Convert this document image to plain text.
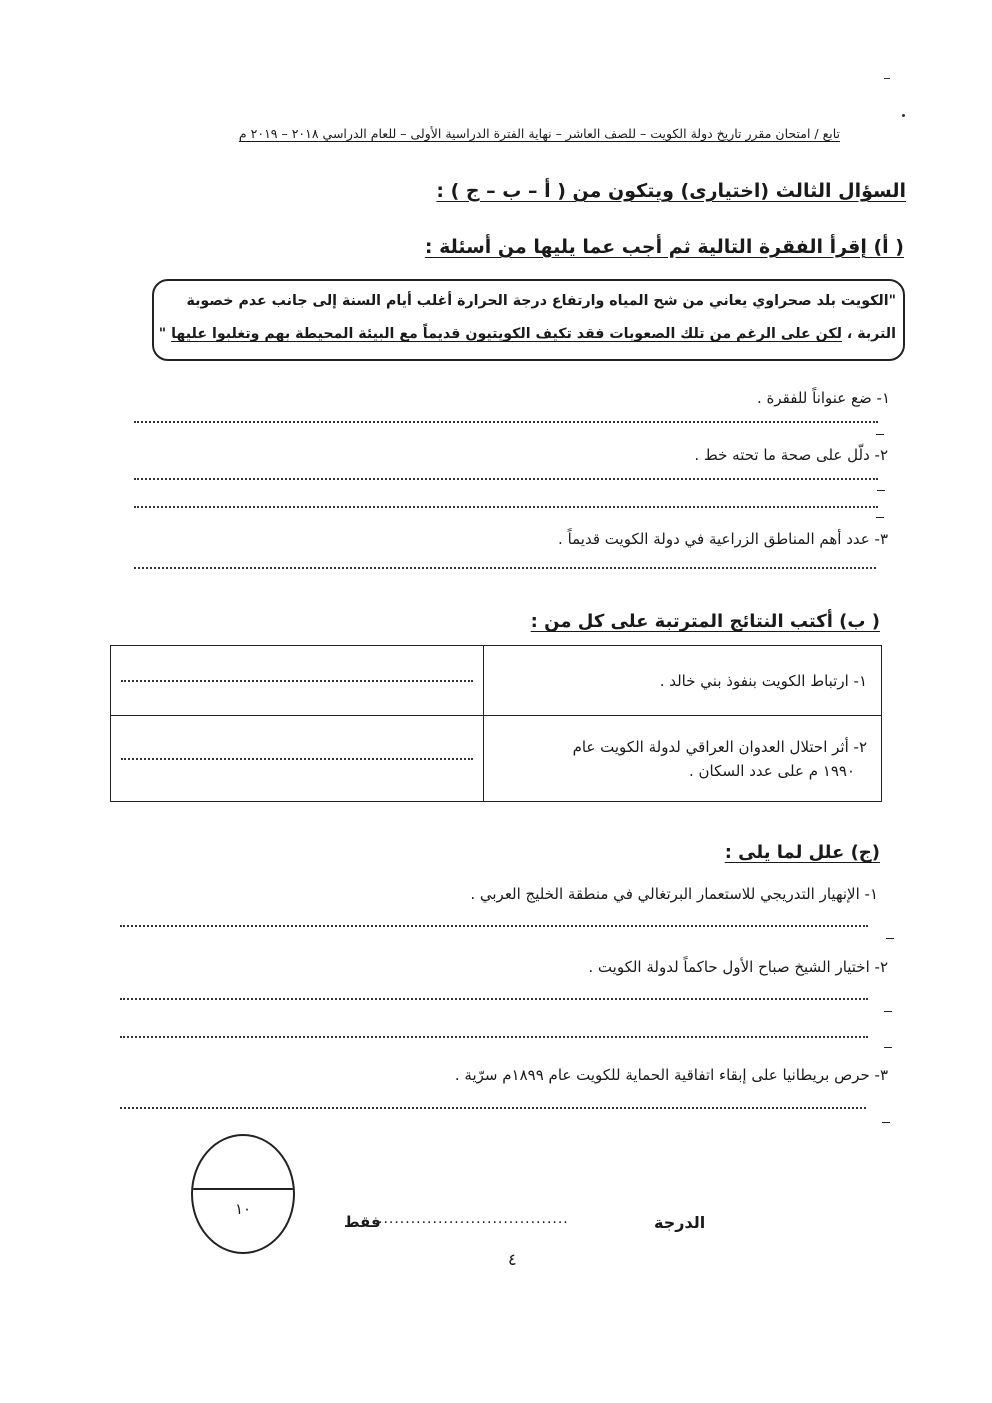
تابع / امتحان مقرر تاريخ دولة الكويت – للصف العاشر – نهاية الفترة الدراسية الأولى – للعام الدراسي ٢٠١٨ – ٢٠١٩ م
السؤال الثالث (اختيارى) ويتكون من ( أ – ب – ج ) :
( أ) إقرأ الفقرة التالية ثم أجب عما يليها من أسئلة :
"الكويت بلد صحراوي يعاني من شح المياه وارتفاع درجة الحرارة أغلب أيام السنة إلى جانب عدم خصوبة
التربة ، لكن على الرغم من تلك الصعوبات فقد تكيف الكويتيون قديماً مع البيئة المحيطة بهم وتغلبوا عليها "
١- ضع عنواناً للفقرة .
٢- دلّل على صحة ما تحته خط .
٣- عدد أهم المناطق الزراعية في دولة الكويت قديماً .
( ب) أكتب النتائج المترتبة على كل من :
١- ارتباط الكويت بنفوذ بني خالد .	

٢- أثر احتلال العدوان العراقي لدولة الكويت عام
١٩٩٠ م على عدد السكان .	

(ج) علل لما يلى :
١- الإنهيار التدريجي للاستعمار البرتغالي في منطقة الخليج العربي .
٢- اختيار الشيخ صباح الأول حاكماً لدولة الكويت .
٣- حرص بريطانيا على إبقاء اتفاقية الحماية للكويت عام ١٨٩٩م سرّية .
١٠
الدرجة
...................................
فقط
٤
